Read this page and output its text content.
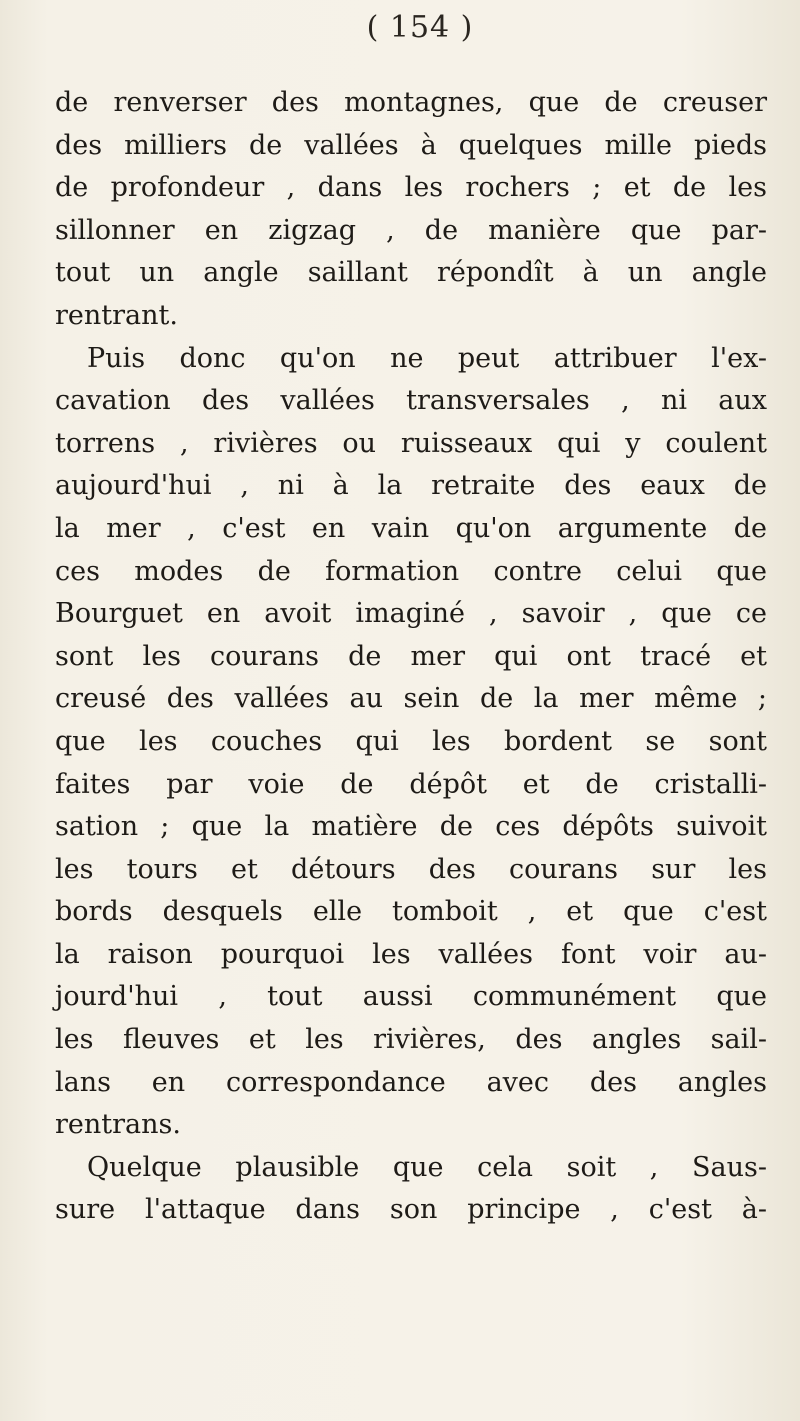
( 154 )
de renverser des montagnes, que de creuser
des milliers de vallées à quelques mille pieds
de profondeur , dans les rochers ; et de les
sillonner en zigzag , de manière que par-
tout un angle saillant répondît à un angle
rentrant.
Puis donc qu'on ne peut attribuer l'ex-
cavation des vallées transversales , ni aux
torrens , rivières ou ruisseaux qui y coulent
aujourd'hui , ni à la retraite des eaux de
la mer , c'est en vain qu'on argumente de
ces modes de formation contre celui que
Bourguet en avoit imaginé , savoir , que ce
sont les courans de mer qui ont tracé et
creusé des vallées au sein de la mer même ;
que les couches qui les bordent se sont
faites par voie de dépôt et de cristalli-
sation ; que la matière de ces dépôts suivoit
les tours et détours des courans sur les
bords desquels elle tomboit , et que c'est
la raison pourquoi les vallées font voir au-
jourd'hui , tout aussi communément que
les fleuves et les rivières, des angles sail-
lans en correspondance avec des angles
rentrans.
Quelque plausible que cela soit , Saus-
sure l'attaque dans son principe , c'est à-
